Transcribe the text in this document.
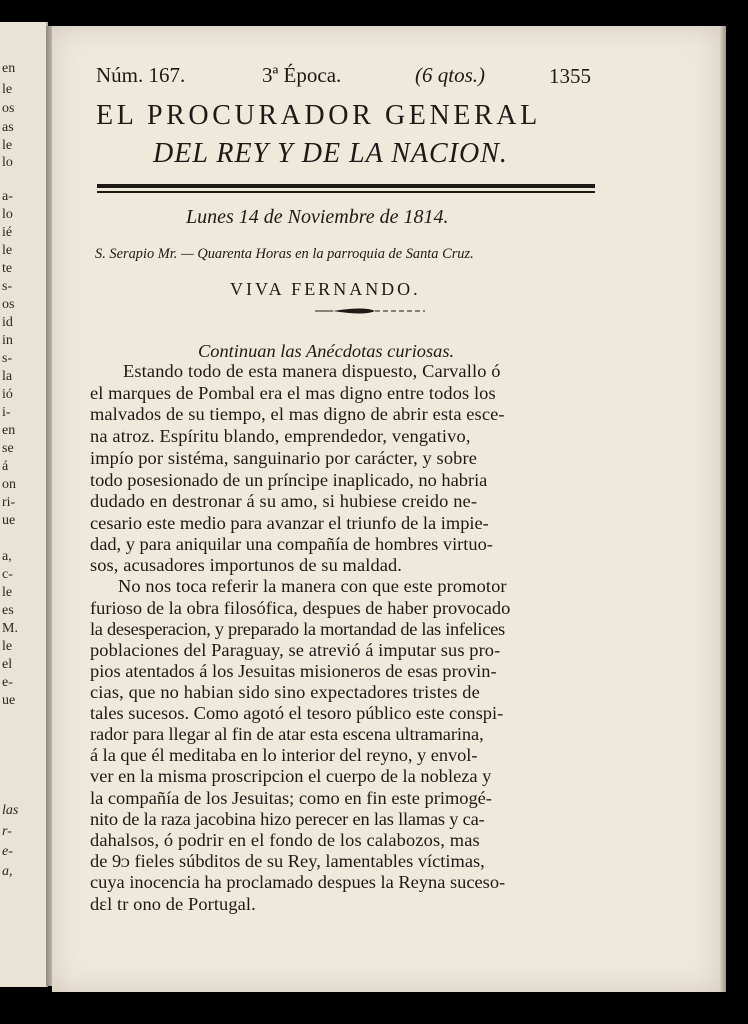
Núm. 167.	3ª Época.	(6 qtos.)	1355
EL PROCURADOR GENERAL
DEL REY Y DE LA NACION.
Lunes 14 de Noviembre de 1814.
S. Serapio Mr. — Quarenta Horas en la parroquia de Santa Cruz.
VIVA FERNANDO.
Continuan las Anécdotas curiosas.
Estando todo de esta manera dispuesto, Carvallo ó
el marques de Pombal era el mas digno entre todos los
malvados de su tiempo, el mas digno de abrir esta esce-
na atroz. Espíritu blando, emprendedor, vengativo,
impío por sistéma, sanguinario por carácter, y sobre
todo posesionado de un príncipe inaplicado, no habria
dudado en destronar á su amo, si hubiese creido ne-
cesario este medio para avanzar el triunfo de la impie-
dad, y para aniquilar una compañía de hombres virtuo-
sos, acusadores importunos de su maldad.
No nos toca referir la manera con que este promotor
furioso de la obra filosófica, despues de haber provocado
la desesperacion, y preparado la mortandad de las infelices
poblaciones del Paraguay, se atrevió á imputar sus pro-
pios atentados á los Jesuitas misioneros de esas provin-
cias, que no habian sido sino expectadores tristes de
tales sucesos. Como agotó el tesoro público este conspi-
rador para llegar al fin de atar esta escena ultramarina,
á la que él meditaba en lo interior del reyno, y envol-
ver en la misma proscripcion el cuerpo de la nobleza y
la compañía de los Jesuitas; como en fin este primogé-
nito de la raza jacobina hizo perecer en las llamas y ca-
dahalsos, ó podrir en el fondo de los calabozos, mas
de 9ᴐ fieles súbditos de su Rey, lamentables víctimas,
cuya inocencia ha proclamado despues la Reyna suceso-
dɛl tr ono de Portugal.
en
le
os
as
le
lo
a-
lo
ié
le
te
s-
os
id
in
s-
la
ió
i-
en
se
á
on
ri-
ue
a,
c-
le
es
M.
le
el
e-
ue
las
r-
e-
a,
